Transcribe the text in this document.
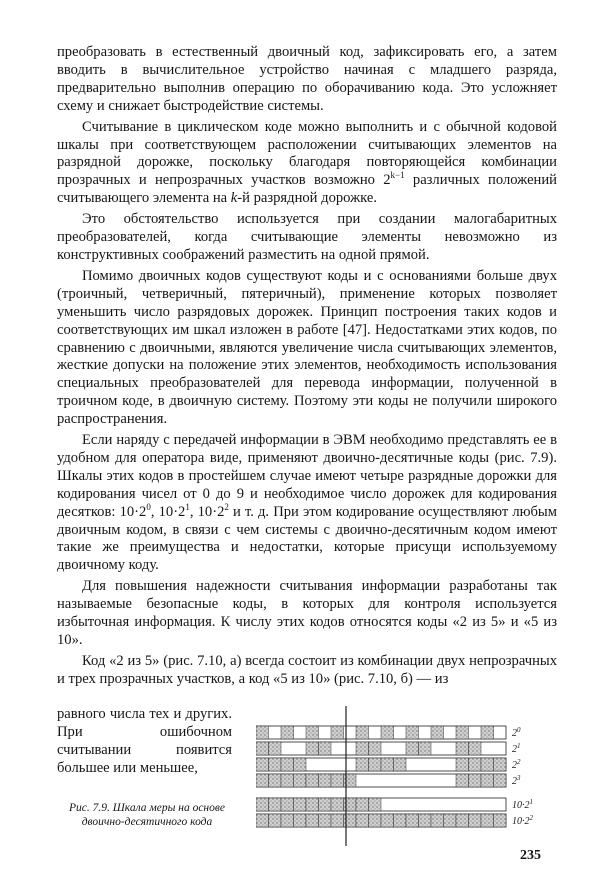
преобразовать в естественный двоичный код, зафиксировать его, а затем вводить в вычислительное устройство начиная с младшего разряда, предварительно выполнив операцию по оборачиванию кода. Это усложняет схему и снижает быстродействие системы.

Считывание в циклическом коде можно выполнить и с обычной кодовой шкалы при соответствующем расположении считывающих элементов на разрядной дорожке, поскольку благодаря повторяющейся комбинации прозрачных и непрозрачных участков возможно $2^{k-1}$ различных положений считывающего элемента на k-й разрядной дорожке.

Это обстоятельство используется при создании малогабаритных преобразователей, когда считывающие элементы невозможно из конструктивных соображений разместить на одной прямой.

Помимо двоичных кодов существуют коды и с основаниями больше двух (троичный, четверичный, пятеричный), применение которых позволяет уменьшить число разрядовых дорожек. Принцип построения таких кодов и соответствующих им шкал изложен в работе [47]. Недостатками этих кодов, по сравнению с двоичными, являются увеличение числа считывающих элементов, жесткие допуски на положение этих элементов, необходимость использования специальных преобразователей для перевода информации, полученной в троичном коде, в двоичную систему. Поэтому эти коды не получили широкого распространения.

Если наряду с передачей информации в ЭВМ необходимо представлять ее в удобном для оператора виде, применяют двоично-десятичные коды (рис. 7.9). Шкалы этих кодов в простейшем случае имеют четыре разрядные дорожки для кодирования чисел от 0 до 9 и необходимое число дорожек для кодирования десятков: $10\cdot 2^0$, $10\cdot 2^1$, $10\cdot 2^2$ и т. д. При этом кодирование осуществляют любым двоичным кодом, в связи с чем системы с двоично-десятичным кодом имеют такие же преимущества и недостатки, которые присущи используемому двоичному коду.

Для повышения надежности считывания информации разработаны так называемые безопасные коды, в которых для контроля используется избыточная информация. К числу этих кодов относятся коды «2 из 5» и «5 из 10».

Код «2 из 5» (рис. 7.10, а) всегда состоит из комбинации двух непрозрачных и трех прозрачных участков, а код «5 из 10» (рис. 7.10, б) — из

равного числа тех и других. При ошибочном считывании появится большее или меньшее,
$2^0$
$2^1$
$2^2$
$2^3$
$10\cdot 2^1$
$10\cdot 2^2$
Рис. 7.9. Шкала меры на основе двоично-десятичного кода
235
